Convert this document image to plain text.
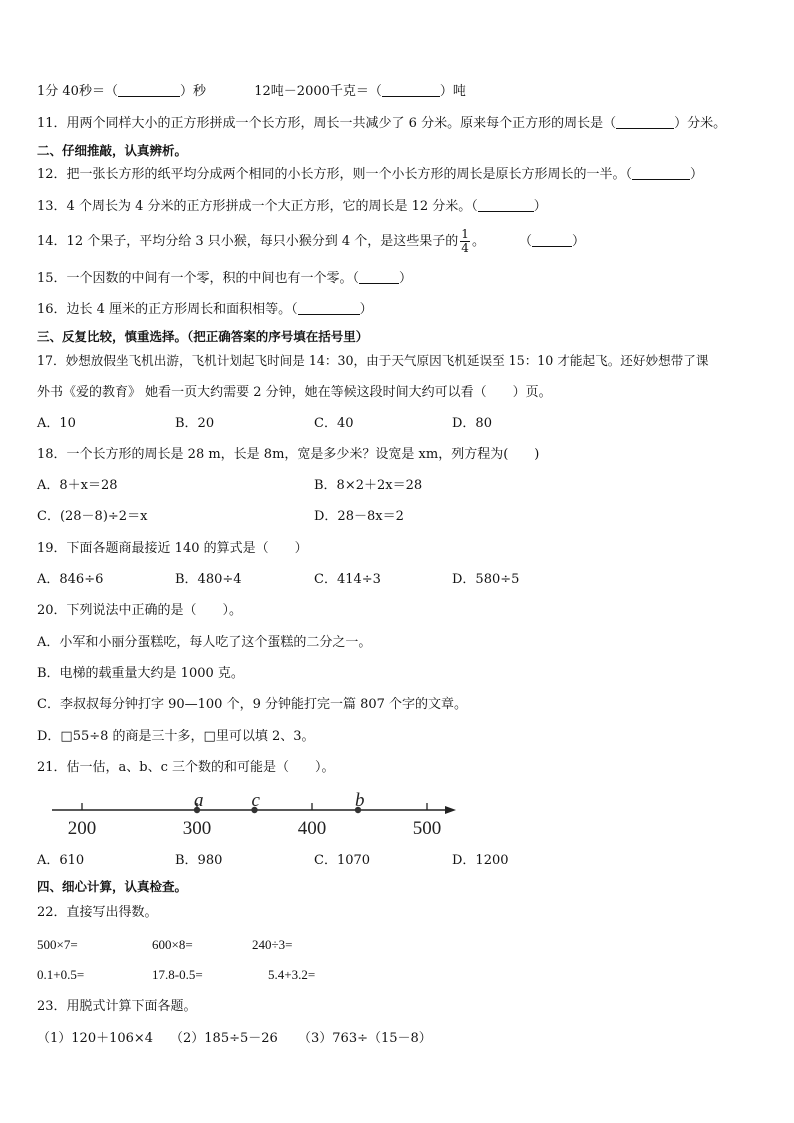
1分 40秒＝（	）秒	12吨－2000千克＝（	）吨
11．用两个同样大小的正方形拼成一个长方形，周长一共减少了 6 分米。原来每个正方形的周长是（	）分米。
二、仔细推敲，认真辨析。
12．把一张长方形的纸平均分成两个相同的小长方形，则一个小长方形的周长是原长方形周长的一半。（	）
13．4 个周长为 4 分米的正方形拼成一个大正方形，它的周长是 12 分米。（	）
14．12 个果子，平均分给 3 只小猴，每只小猴分到 4 个，是这些果子的 $\frac{1}{4}$ 。	（	）
15．一个因数的中间有一个零，积的中间也有一个零。（	）
16．边长 4 厘米的正方形周长和面积相等。（	）
三、反复比较，慎重选择。（把正确答案的序号填在括号里）
17．妙想放假坐飞机出游，飞机计划起飞时间是 14：30，由于天气原因飞机延误至 15：10 才能起飞。还好妙想带了课
外书《爱的教育》 她看一页大约需要 2 分钟，她在等候这段时间大约可以看（　　）页。
A．10	B．20	C．40	D．80
18．一个长方形的周长是 28 m，长是 8m，宽是多少米？设宽是 xm，列方程为(　　)
A．8＋x＝28	B．8×2＋2x＝28
C．(28－8)÷2＝x	D．28－8x＝2
19．下面各题商最接近 140 的算式是（　　）
A．846÷6	B．480÷4	C．414÷3	D．580÷5
20．下列说法中正确的是（　　）。
A．小军和小丽分蛋糕吃，每人吃了这个蛋糕的二分之一。
B．电梯的载重量大约是 1000 克。
C．李叔叔每分钟打字 90—100 个，9 分钟能打完一篇 807 个字的文章。
D．□55÷8 的商是三十多，□里可以填 2、3。
21．估一估，a、b、c 三个数的和可能是（　　）。
200	300	400	500
a	c	b
A．610	B．980	C．1070	D．1200
四、细心计算，认真检查。
22．直接写出得数。
500×7=	600×8=	240÷3=
0.1+0.5=	17.8-0.5=	5.4+3.2=
23．用脱式计算下面各题。
（1）120＋106×4 （2）185÷5－26 （3）763÷（15－8）
